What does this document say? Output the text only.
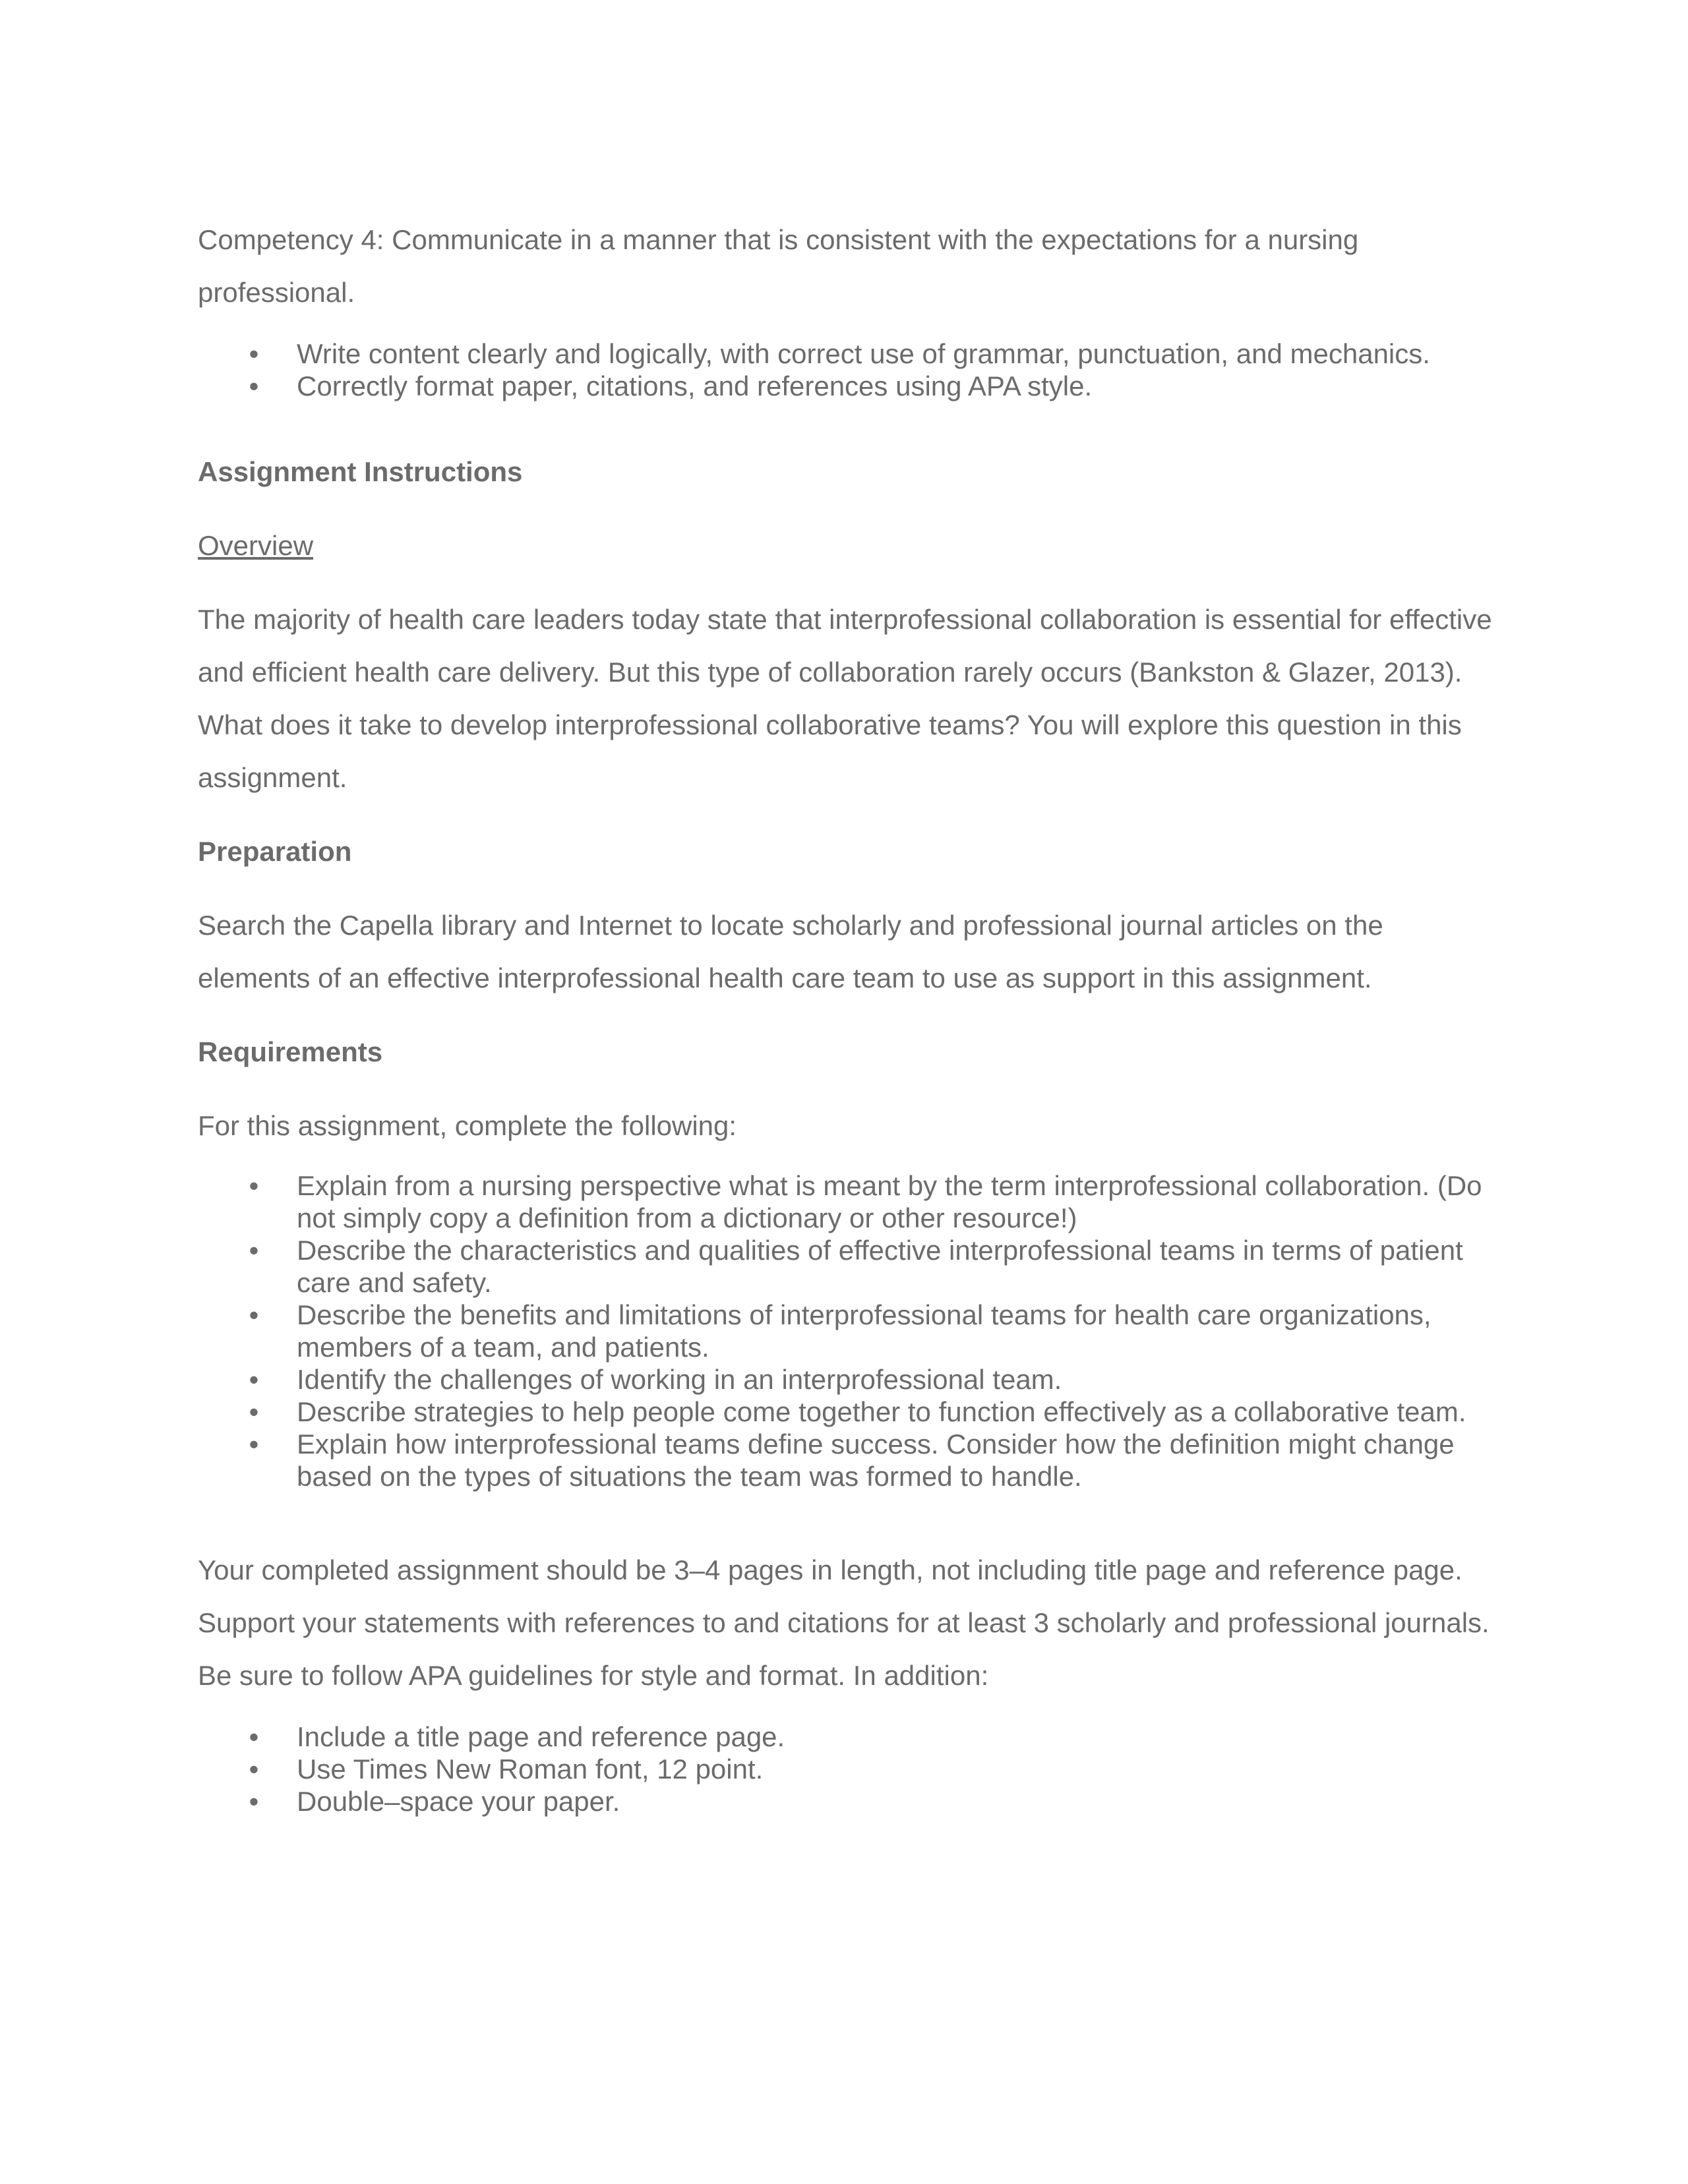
Competency 4: Communicate in a manner that is consistent with the expectations for a nursing professional.

• Write content clearly and logically, with correct use of grammar, punctuation, and mechanics.
• Correctly format paper, citations, and references using APA style.

Assignment Instructions

Overview

The majority of health care leaders today state that interprofessional collaboration is essential for effective and efficient health care delivery. But this type of collaboration rarely occurs (Bankston & Glazer, 2013). What does it take to develop interprofessional collaborative teams? You will explore this question in this assignment.

Preparation

Search the Capella library and Internet to locate scholarly and professional journal articles on the elements of an effective interprofessional health care team to use as support in this assignment.

Requirements

For this assignment, complete the following:

• Explain from a nursing perspective what is meant by the term interprofessional collaboration. (Do not simply copy a definition from a dictionary or other resource!)
• Describe the characteristics and qualities of effective interprofessional teams in terms of patient care and safety.
• Describe the benefits and limitations of interprofessional teams for health care organizations, members of a team, and patients.
• Identify the challenges of working in an interprofessional team.
• Describe strategies to help people come together to function effectively as a collaborative team.
• Explain how interprofessional teams define success. Consider how the definition might change based on the types of situations the team was formed to handle.

Your completed assignment should be 3–4 pages in length, not including title page and reference page. Support your statements with references to and citations for at least 3 scholarly and professional journals. Be sure to follow APA guidelines for style and format. In addition:

• Include a title page and reference page.
• Use Times New Roman font, 12 point.
• Double–space your paper.
